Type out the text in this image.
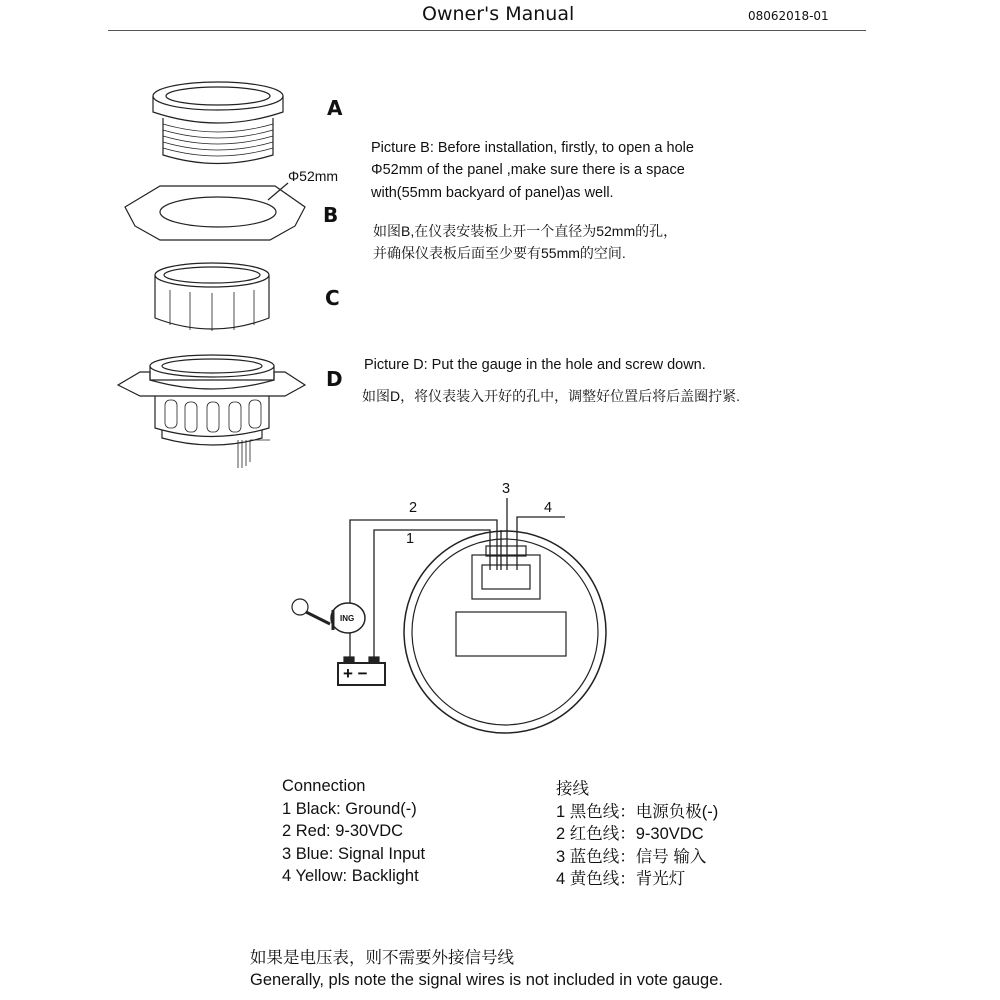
Owner's Manual	08062018-01
A
B
C
D
Φ52mm
Picture B: Before installation, firstly, to open a hole
Φ52mm of the panel ,make sure there is a space
with(55mm backyard of panel)as well.
如图B,在仪表安装板上开一个直径为52mm的孔，
并确保仪表板后面至少要有55mm的空间.
Picture D: Put the gauge in the hole and screw down.
如图D，将仪表装入开好的孔中，调整好位置后将后盖圈拧紧.
2
1
3
4
ING
+ −
Connection
1 Black: Ground(-)
2 Red: 9-30VDC
3 Blue: Signal Input
4 Yellow: Backlight
接线
1 黑色线：电源负极(-)
2 红色线：9-30VDC
3 蓝色线：信号 输入
4 黄色线：背光灯
如果是电压表，则不需要外接信号线
Generally, pls note the signal wires is not included in vote gauge.
